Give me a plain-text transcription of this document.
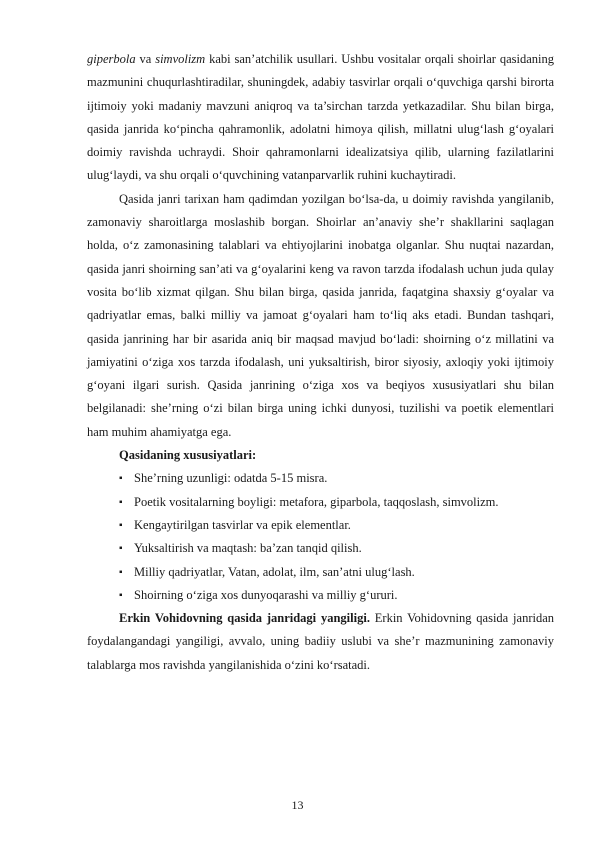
giperbola va simvolizm kabi san’atchilik usullari. Ushbu vositalar orqali shoirlar qasidaning mazmunini chuqurlashtiradilar, shuningdek, adabiy tasvirlar orqali o‘quvchiga qarshi birorta ijtimoiy yoki madaniy mavzuni aniqroq va ta’sirchan tarzda yetkazadilar. Shu bilan birga, qasida janrida ko‘pincha qahramonlik, adolatni himoya qilish, millatni ulug‘lash g‘oyalari doimiy ravishda uchraydi. Shoir qahramonlarni idealizatsiya qilib, ularning fazilatlarini ulug‘laydi, va shu orqali o‘quvchining vatanparvarlik ruhini kuchaytiradi.

Qasida janri tarixan ham qadimdan yozilgan bo‘lsa-da, u doimiy ravishda yangilanib, zamonaviy sharoitlarga moslashib borgan. Shoirlar an’anaviy she’r shakllarini saqlagan holda, o‘z zamonasining talablari va ehtiyojlarini inobatga olganlar. Shu nuqtai nazardan, qasida janri shoirning san’ati va g‘oyalarini keng va ravon tarzda ifodalash uchun juda qulay vosita bo‘lib xizmat qilgan. Shu bilan birga, qasida janrida, faqatgina shaxsiy g‘oyalar va qadriyatlar emas, balki milliy va jamoat g‘oyalari ham to‘liq aks etadi. Bundan tashqari, qasida janrining har bir asarida aniq bir maqsad mavjud bo‘ladi: shoirning o‘z millatini va jamiyatini o‘ziga xos tarzda ifodalash, uni yuksaltirish, biror siyosiy, axloqiy yoki ijtimoiy g‘oyani ilgari surish. Qasida janrining o‘ziga xos va beqiyos xususiyatlari shu bilan belgilanadi: she’rning o‘zi bilan birga uning ichki dunyosi, tuzilishi va poetik elementlari ham muhim ahamiyatga ega.

Qasidaning xususiyatlari:

▪ She’rning uzunligi: odatda 5-15 misra.
▪ Poetik vositalarning boyligi: metafora, giparbola, taqqoslash, simvolizm.
▪ Kengaytirilgan tasvirlar va epik elementlar.
▪ Yuksaltirish va maqtash: ba’zan tanqid qilish.
▪ Milliy qadriyatlar, Vatan, adolat, ilm, san’atni ulug‘lash.
▪ Shoirning o‘ziga xos dunyoqarashi va milliy g‘ururi.

Erkin Vohidovning qasida janridagi yangiligi. Erkin Vohidovning qasida janridan foydalangandagi yangiligi, avvalo, uning badiiy uslubi va she’r mazmunining zamonaviy talablarga mos ravishda yangilanishida o‘zini ko‘rsatadi.

13
